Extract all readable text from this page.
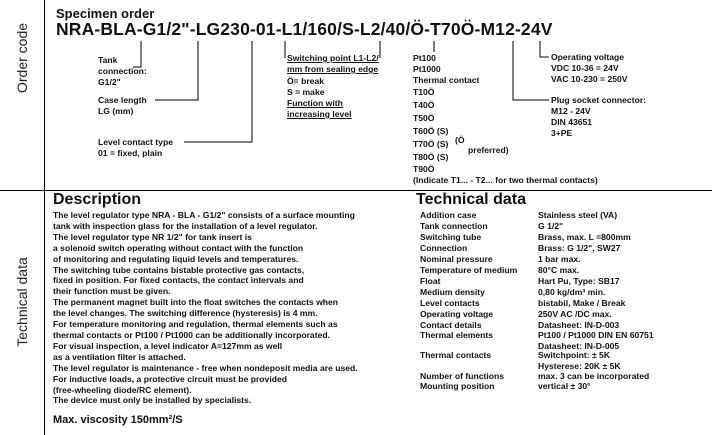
Order code
Specimen order
NRA-BLA-G1/2"-LG230-01-L1/160/S-L2/40/Ö-T70Ö-M12-24V
Tank
connection:
G1/2"
Case length
LG (mm)
Level contact type
01 = fixed, plain
Switching point L1-L2/
mm from sealing edge
Ö= break
S = make
Function with
increasing level
Pt100
Pt1000
Thermal contact
T10Ö
T40Ö
T50Ö
T60Ö (S)
T70Ö (S)
T80Ö (S)
T90Ö
(Ö
preferred)
(Indicate T1... - T2... for two thermal contacts)
Operating voltage
VDC 10-36 = 24V
VAC 10-230 = 250V
Plug socket connector:
M12 - 24V
DIN 43651
3+PE
Technical data
Description
The level regulator type NRA - BLA - G1/2" consists of a surface mounting
tank with inspection glass for the installation of a level regulator.
The level regulator type NR 1/2" for tank insert is
a solenoid switch operating without contact with the function
of monitoring and regulating liquid levels and temperatures.
The switching tube contains bistable protective gas contacts,
fixed in position. For fixed contacts, the contact intervals and
their function must be given.
The permanent magnet built into the float switches the contacts when
the level changes. The switching difference (hysteresis) is 4 mm.
For temperature monitoring and regulation, thermal elements such as
thermal contacts or Pt100 / Pt1000 can be additionally incorporated.
For visual inspection, a level indicator A=127mm as well
as a ventilation filter is attached.
The level regulator is maintenance - free when nondeposit media are used.
For inductive loads, a protective circuit must be provided
(free-wheeling diode/RC element).
The device must only be installed by specialists.
Max. viscosity 150mm²/S
Technical data
Addition case	Stainless steel (VA)
Tank connection	G 1/2"
Switching tube	Brass, max. L =800mm
Connection	Brass: G 1/2", SW27
Nominal pressure	1 bar max.
Temperature of medium 80°C max.
Float	Hart Pu, Type: SB17
Medium density	0,80 kg/dm³ min.
Level contacts	bistabil, Make / Break
Operating voltage	250V AC /DC max.
Contact details	Datasheet: IN-D-003
Thermal elements	Pt100 / Pt1000 DIN EN 60751
Datasheet: IN-D-005
Thermal contacts	Switchpoint: ± 5K
Hysterese: 20K ± 5K
Number of functions	max. 3 can be incorporated
Mounting position	vertical ± 30°
